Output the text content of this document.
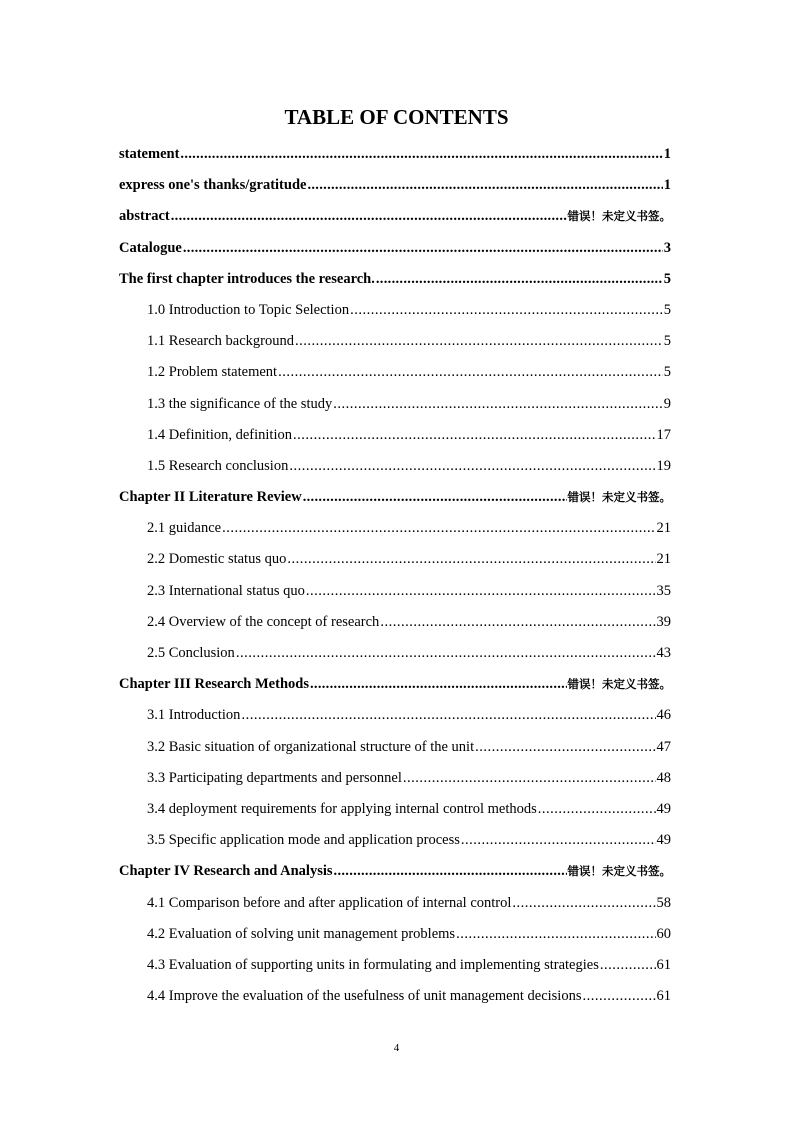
TABLE OF CONTENTS
statement .....	1
express one's thanks/gratitude .....	1
abstract .....	错误！未定义书签。
Catalogue .....	3
The first chapter introduces the research. .....	5
1.0 Introduction to Topic Selection .....	5
1.1 Research background .....	5
1.2 Problem statement .....	5
1.3 the significance of the study .....	9
1.4 Definition, definition .....	17
1.5 Research conclusion .....	19
Chapter II Literature Review .....	错误！未定义书签。
2.1 guidance .....	21
2.2 Domestic status quo .....	21
2.3 International status quo .....	35
2.4 Overview of the concept of research .....	39
2.5 Conclusion .....	43
Chapter III Research Methods .....	错误！未定义书签。
3.1 Introduction .....	46
3.2 Basic situation of organizational structure of the unit .....	47
3.3 Participating departments and personnel .....	48
3.4 deployment requirements for applying internal control methods .....	49
3.5 Specific application mode and application process .....	49
Chapter IV Research and Analysis .....	错误！未定义书签。
4.1 Comparison before and after application of internal control .....	58
4.2 Evaluation of solving unit management problems .....	60
4.3 Evaluation of supporting units in formulating and implementing strategies .....	61
4.4 Improve the evaluation of the usefulness of unit management decisions .....	61
4
